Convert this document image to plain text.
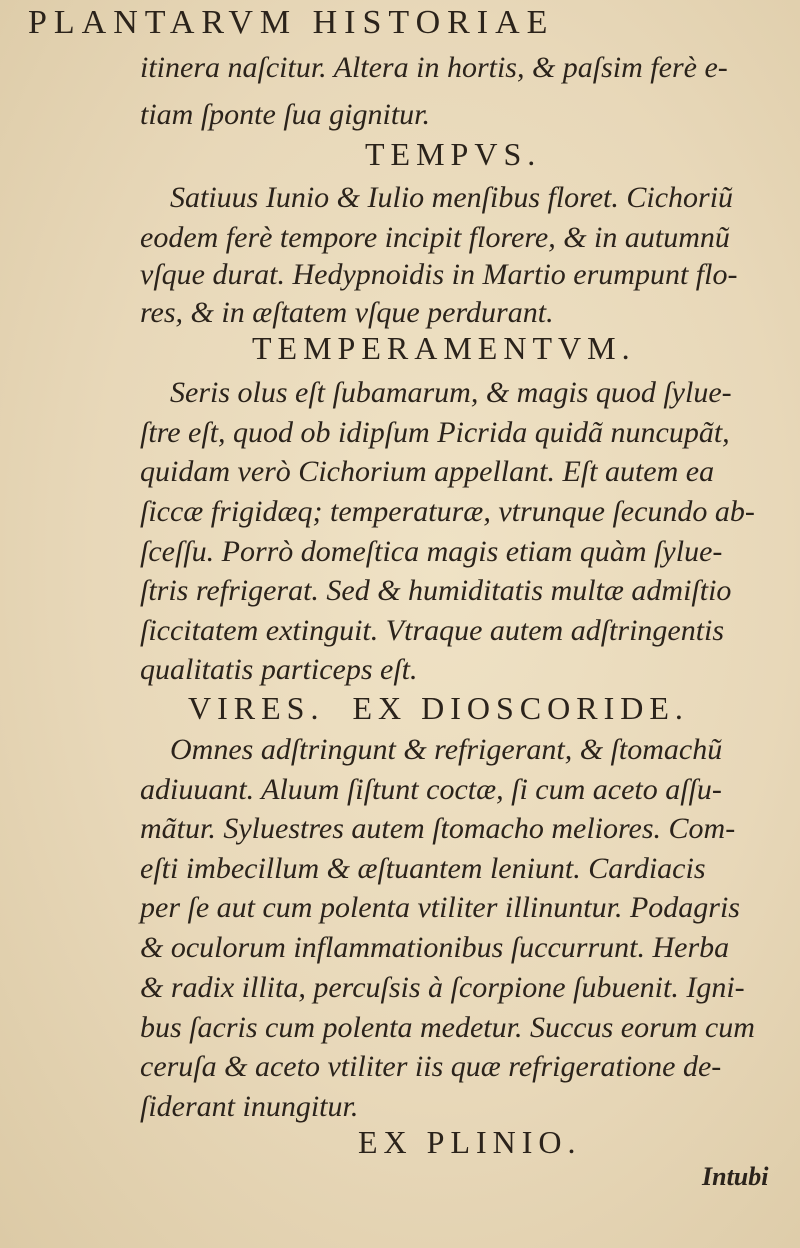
PLANTARVM HISTORIAE
itinera naſcitur. Altera in hortis, & paſsim ferè e-
tiam ſponte ſua gignitur.
TEMPVS.
Satiuus Iunio & Iulio menſibus floret. Cichoriũ
eodem ferè tempore incipit florere, & in autumnũ
vſque durat. Hedypnoidis in Martio erumpunt flo-
res, & in æſtatem vſque perdurant.
TEMPERAMENTVM.
Seris olus eſt ſubamarum, & magis quod ſylue-
ſtre eſt, quod ob idipſum Picrida quidã nuncupãt,
quidam verò Cichorium appellant. Eſt autem ea
ſiccæ frigidæq; temperaturæ, vtrunque ſecundo ab-
ſceſſu. Porrò domeſtica magis etiam quàm ſylue-
ſtris refrigerat. Sed & humiditatis multæ admiſtio
ſiccitatem extinguit. Vtraque autem adſtringentis
qualitatis particeps eſt.
VIRES.  EX DIOSCORIDE.
Omnes adſtringunt & refrigerant, & ſtomachũ
adiuuant. Aluum ſiſtunt coctæ, ſi cum aceto aſſu-
mãtur. Syluestres autem ſtomacho meliores. Com-
eſti imbecillum & æſtuantem leniunt. Cardiacis
per ſe aut cum polenta vtiliter illinuntur. Podagris
& oculorum inflammationibus ſuccurrunt. Herba
& radix illita, percuſsis à ſcorpione ſubuenit. Igni-
bus ſacris cum polenta medetur. Succus eorum cum
ceruſa & aceto vtiliter iis quæ refrigeratione de-
ſiderant inungitur.
EX PLINIO.
Intubi
